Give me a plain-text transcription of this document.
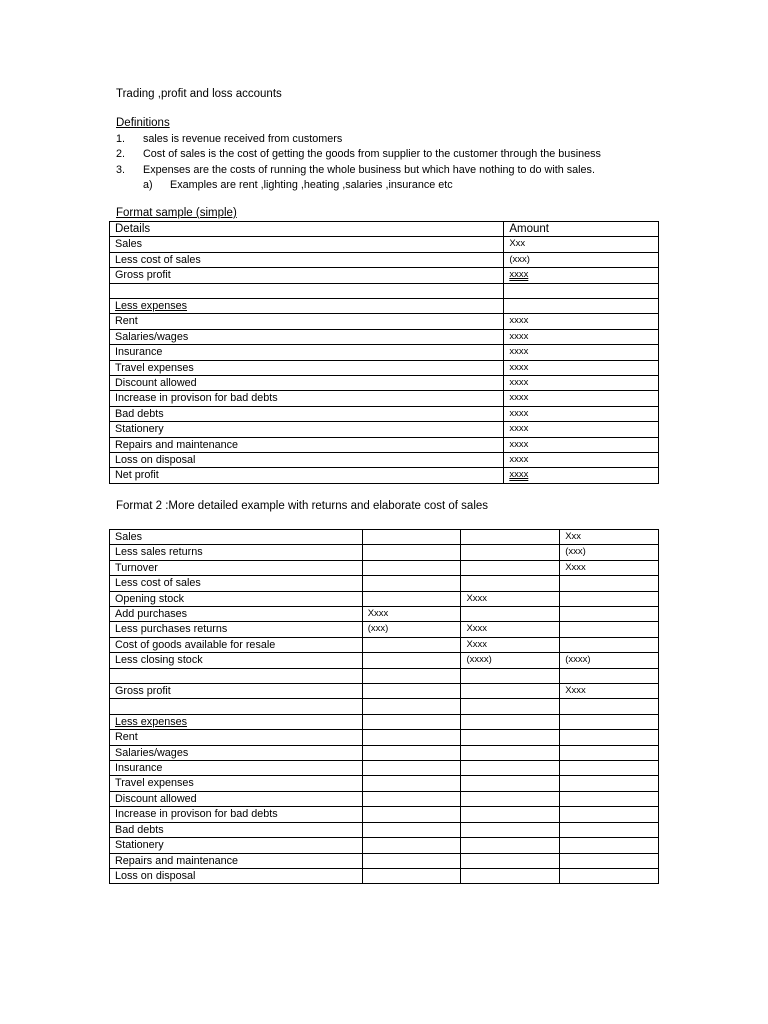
Trading ,profit and loss accounts
Definitions
1. sales is revenue received from customers
2. Cost of sales is the cost of getting the goods from supplier to the customer through the business
3. Expenses are the costs of running the whole business but which have nothing to do with sales.
a) Examples are rent ,lighting ,heating ,salaries ,insurance etc
Format sample (simple)
Details	Amount
Sales	Xxx
Less cost of sales	(xxx)
Gross profit	xxxx

Less expenses	
Rent	xxxx
Salaries/wages	xxxx
Insurance	xxxx
Travel expenses	xxxx
Discount allowed	xxxx
Increase in provison for bad debts	xxxx
Bad debts	xxxx
Stationery	xxxx
Repairs and maintenance	xxxx
Loss on disposal	xxxx
Net profit	xxxx
Format 2 :More detailed example with returns and elaborate cost of sales
Sales			Xxx
Less sales returns			(xxx)
Turnover			Xxxx
Less cost of sales			
Opening stock		Xxxx	
Add purchases	Xxxx		
Less purchases returns	(xxx)	Xxxx	
Cost of goods available for resale		Xxxx	
Less closing stock		(xxxx)	(xxxx)

Gross profit			Xxxx

Less expenses			
Rent			
Salaries/wages			
Insurance			
Travel expenses			
Discount allowed			
Increase in provison for bad debts			
Bad debts			
Stationery			
Repairs and maintenance			
Loss on disposal			
